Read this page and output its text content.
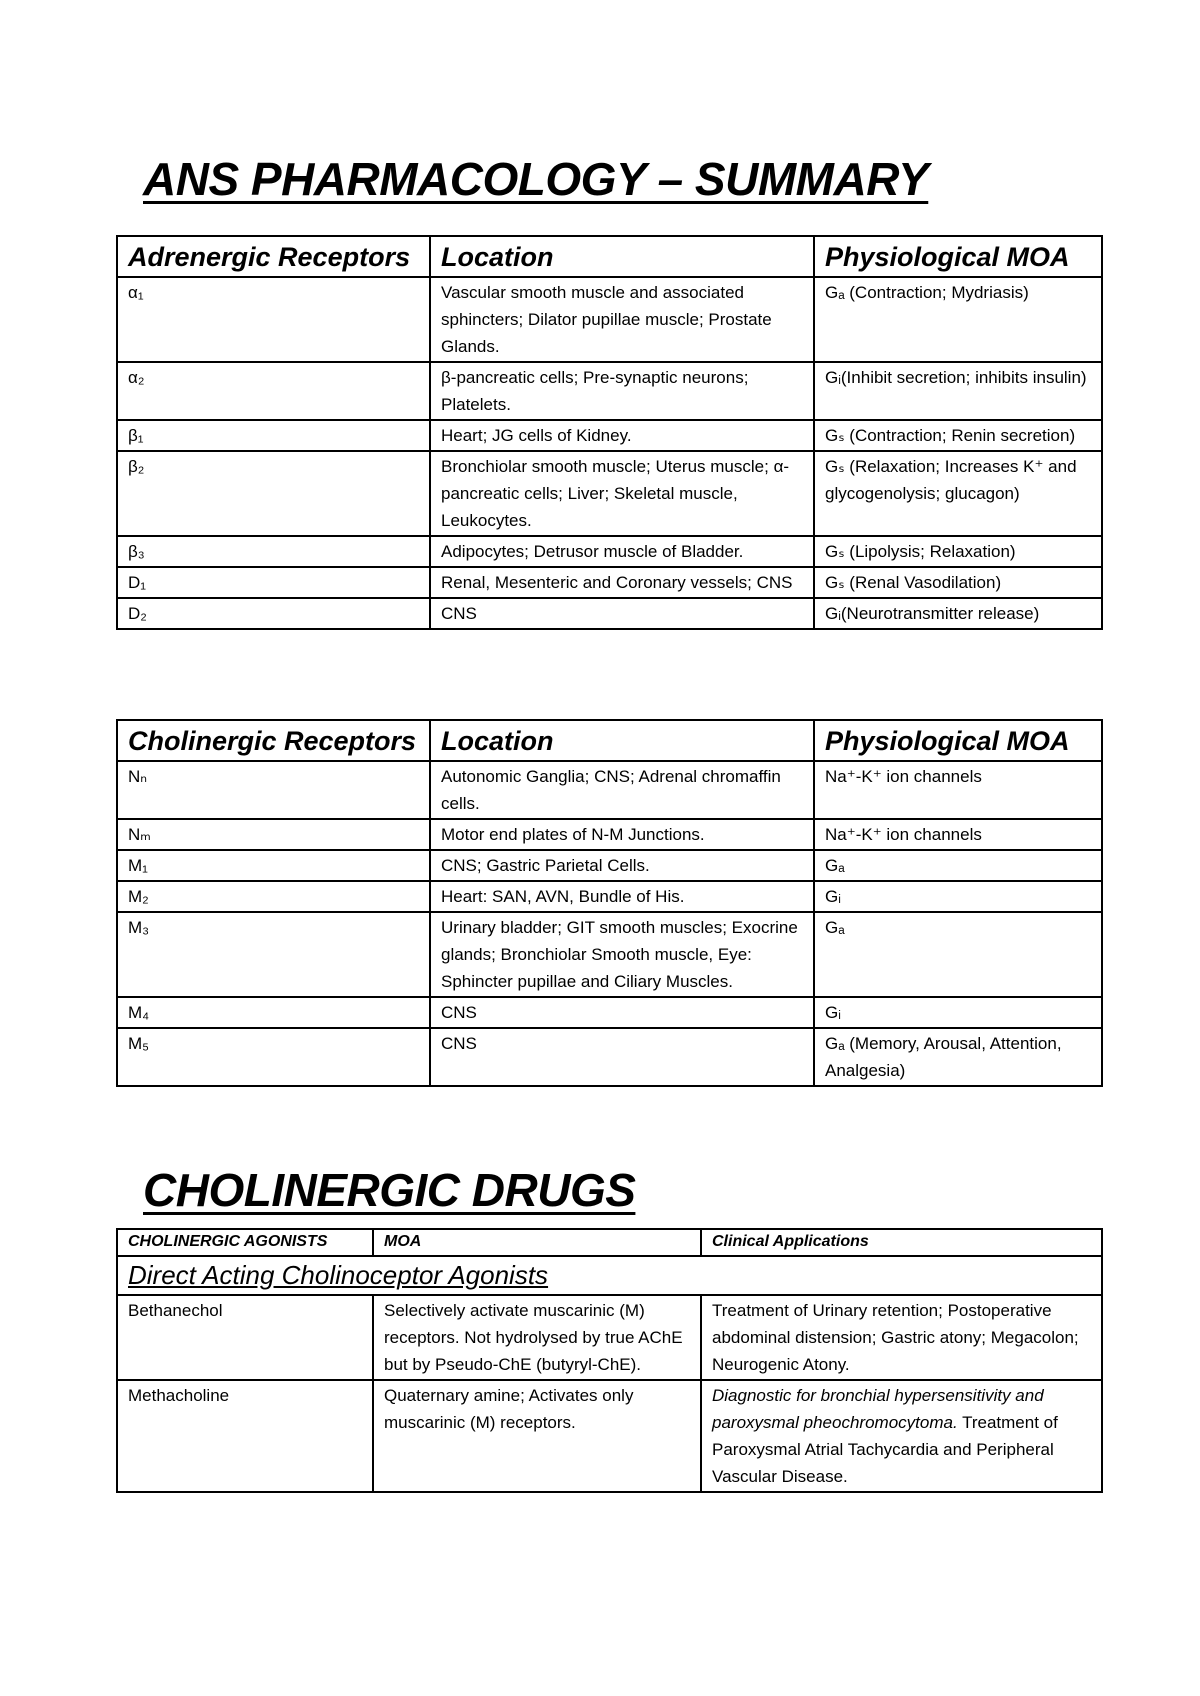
ANS PHARMACOLOGY – SUMMARY
Adrenergic Receptors	Location	Physiological MOA
α₁	Vascular smooth muscle and associated sphincters; Dilator pupillae muscle; Prostate Glands.	Gₐ (Contraction; Mydriasis)
α₂	β-pancreatic cells; Pre-synaptic neurons; Platelets.	Gᵢ(Inhibit secretion; inhibits insulin)
β₁	Heart; JG cells of Kidney.	Gₛ (Contraction; Renin secretion)
β₂	Bronchiolar smooth muscle; Uterus muscle; α-pancreatic cells; Liver; Skeletal muscle, Leukocytes.	Gₛ (Relaxation; Increases K⁺ and glycogenolysis; glucagon)
β₃	Adipocytes; Detrusor muscle of Bladder.	Gₛ (Lipolysis; Relaxation)
D₁	Renal, Mesenteric and Coronary vessels; CNS	Gₛ (Renal Vasodilation)
D₂	CNS	Gᵢ(Neurotransmitter release)
Cholinergic Receptors	Location	Physiological MOA
Nₙ	Autonomic Ganglia; CNS; Adrenal chromaffin cells.	Na⁺-K⁺ ion channels
Nₘ	Motor end plates of N-M Junctions.	Na⁺-K⁺ ion channels
M₁	CNS; Gastric Parietal Cells.	Gₐ
M₂	Heart: SAN, AVN, Bundle of His.	Gᵢ
M₃	Urinary bladder; GIT smooth muscles; Exocrine glands; Bronchiolar Smooth muscle, Eye: Sphincter pupillae and Ciliary Muscles.	Gₐ
M₄	CNS	Gᵢ
M₅	CNS	Gₐ (Memory, Arousal, Attention, Analgesia)
CHOLINERGIC DRUGS
CHOLINERGIC AGONISTS	MOA	Clinical Applications
Direct Acting Cholinoceptor Agonists		
Bethanechol	Selectively activate muscarinic (M) receptors. Not hydrolysed by true AChE but by Pseudo-ChE (butyryl-ChE).	Treatment of Urinary retention; Postoperative abdominal distension; Gastric atony; Megacolon; Neurogenic Atony.
Methacholine	Quaternary amine; Activates only muscarinic (M) receptors.	Diagnostic for bronchial hypersensitivity and paroxysmal pheochromocytoma. Treatment of Paroxysmal Atrial Tachycardia and Peripheral Vascular Disease.
